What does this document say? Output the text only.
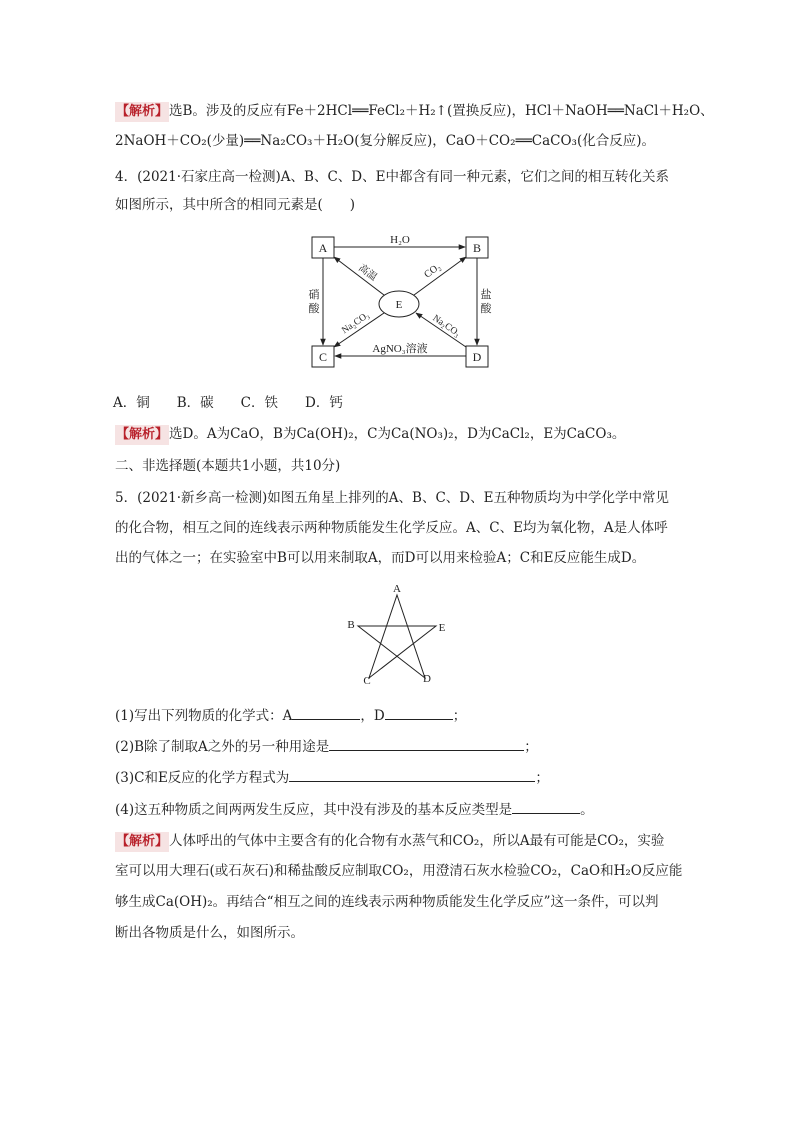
【解析】选B。涉及的反应有Fe＋2HCl══FeCl₂＋H₂↑(置换反应)，HCl＋NaOH══NaCl＋H₂O、
2NaOH＋CO₂(少量)══Na₂CO₃＋H₂O(复分解反应)，CaO＋CO₂══CaCO₃(化合反应)。
4．(2021·石家庄高一检测)A、B、C、D、E中都含有同一种元素，它们之间的相互转化关系
如图所示，其中所含的相同元素是(　　)
A	B
C	D
E
H₂O
硝
酸
盐
酸
AgNO₃溶液
高温	CO₂
Na₂CO₃	Na₂CO₃
A．铜　　B．碳　　C．铁　　D．钙
【解析】选D。A为CaO，B为Ca(OH)₂，C为Ca(NO₃)₂，D为CaCl₂，E为CaCO₃。
二、非选择题(本题共1小题，共10分)
5．(2021·新乡高一检测)如图五角星上排列的A、B、C、D、E五种物质均为中学化学中常见
的化合物，相互之间的连线表示两种物质能发生化学反应。A、C、E均为氧化物，A是人体呼
出的气体之一；在实验室中B可以用来制取A，而D可以用来检验A；C和E反应能生成D。
A
B	E
C	D
(1)写出下列物质的化学式：A	，D	；
(2)B除了制取A之外的另一种用途是	；
(3)C和E反应的化学方程式为	；
(4)这五种物质之间两两发生反应，其中没有涉及的基本反应类型是	。
【解析】人体呼出的气体中主要含有的化合物有水蒸气和CO₂，所以A最有可能是CO₂，实验
室可以用大理石(或石灰石)和稀盐酸反应制取CO₂，用澄清石灰水检验CO₂，CaO和H₂O反应能
够生成Ca(OH)₂。再结合“相互之间的连线表示两种物质能发生化学反应”这一条件，可以判
断出各物质是什么，如图所示。
